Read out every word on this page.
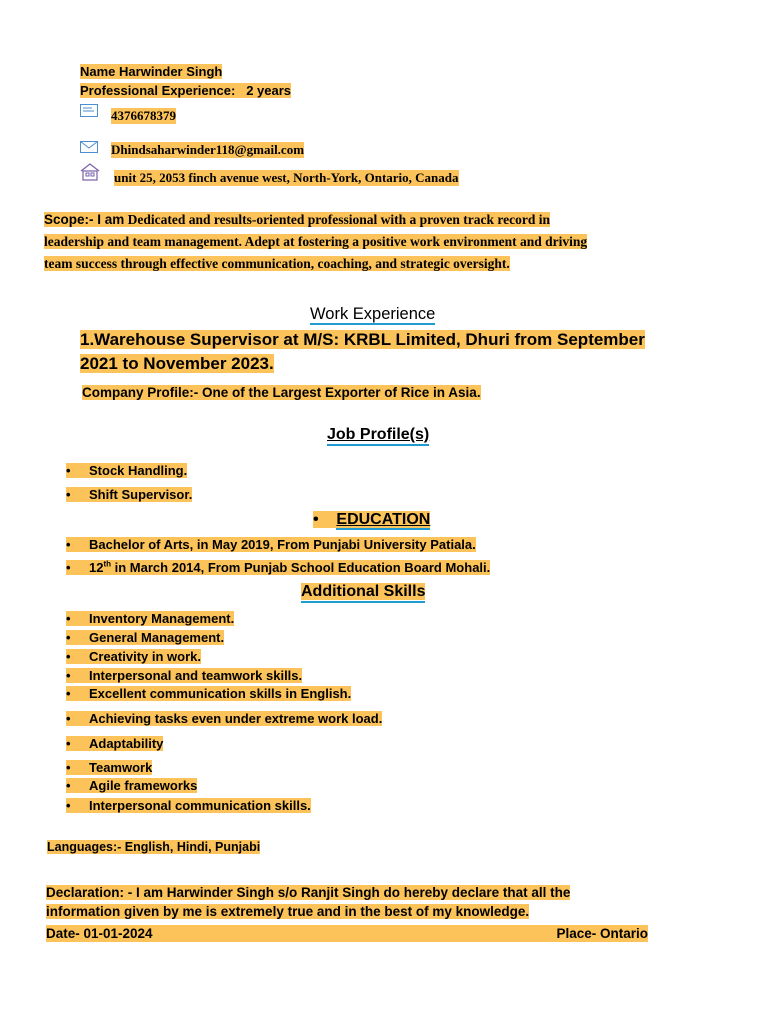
Name Harwinder Singh
Professional Experience: 2 years
4376678379
Dhindsaharwinder118@gmail.com
unit 25, 2053 finch avenue west, North-York, Ontario, Canada
Scope:- I am Dedicated and results-oriented professional with a proven track record in
leadership and team management. Adept at fostering a positive work environment and driving
team success through effective communication, coaching, and strategic oversight.
Work Experience
1.Warehouse Supervisor at M/S: KRBL Limited, Dhuri from September
2021 to November 2023.
Company Profile:- One of the Largest Exporter of Rice in Asia.
Job Profile(s)
• Stock Handling.
• Shift Supervisor.
•    EDUCATION
• Bachelor of Arts, in May 2019, From Punjabi University Patiala.
• 12th in March 2014, From Punjab School Education Board Mohali.
Additional Skills
• Inventory Management.
• General Management.
• Creativity in work.
• Interpersonal and teamwork skills.
• Excellent communication skills in English.
• Achieving tasks even under extreme work load.
• Adaptability
• Teamwork
• Agile frameworks
• Interpersonal communication skills.
Languages:- English, Hindi, Punjabi
Declaration: - I am Harwinder Singh s/o Ranjit Singh do hereby declare that all the
information given by me is extremely true and in the best of my knowledge.
Date- 01-01-2024	Place- Ontario
